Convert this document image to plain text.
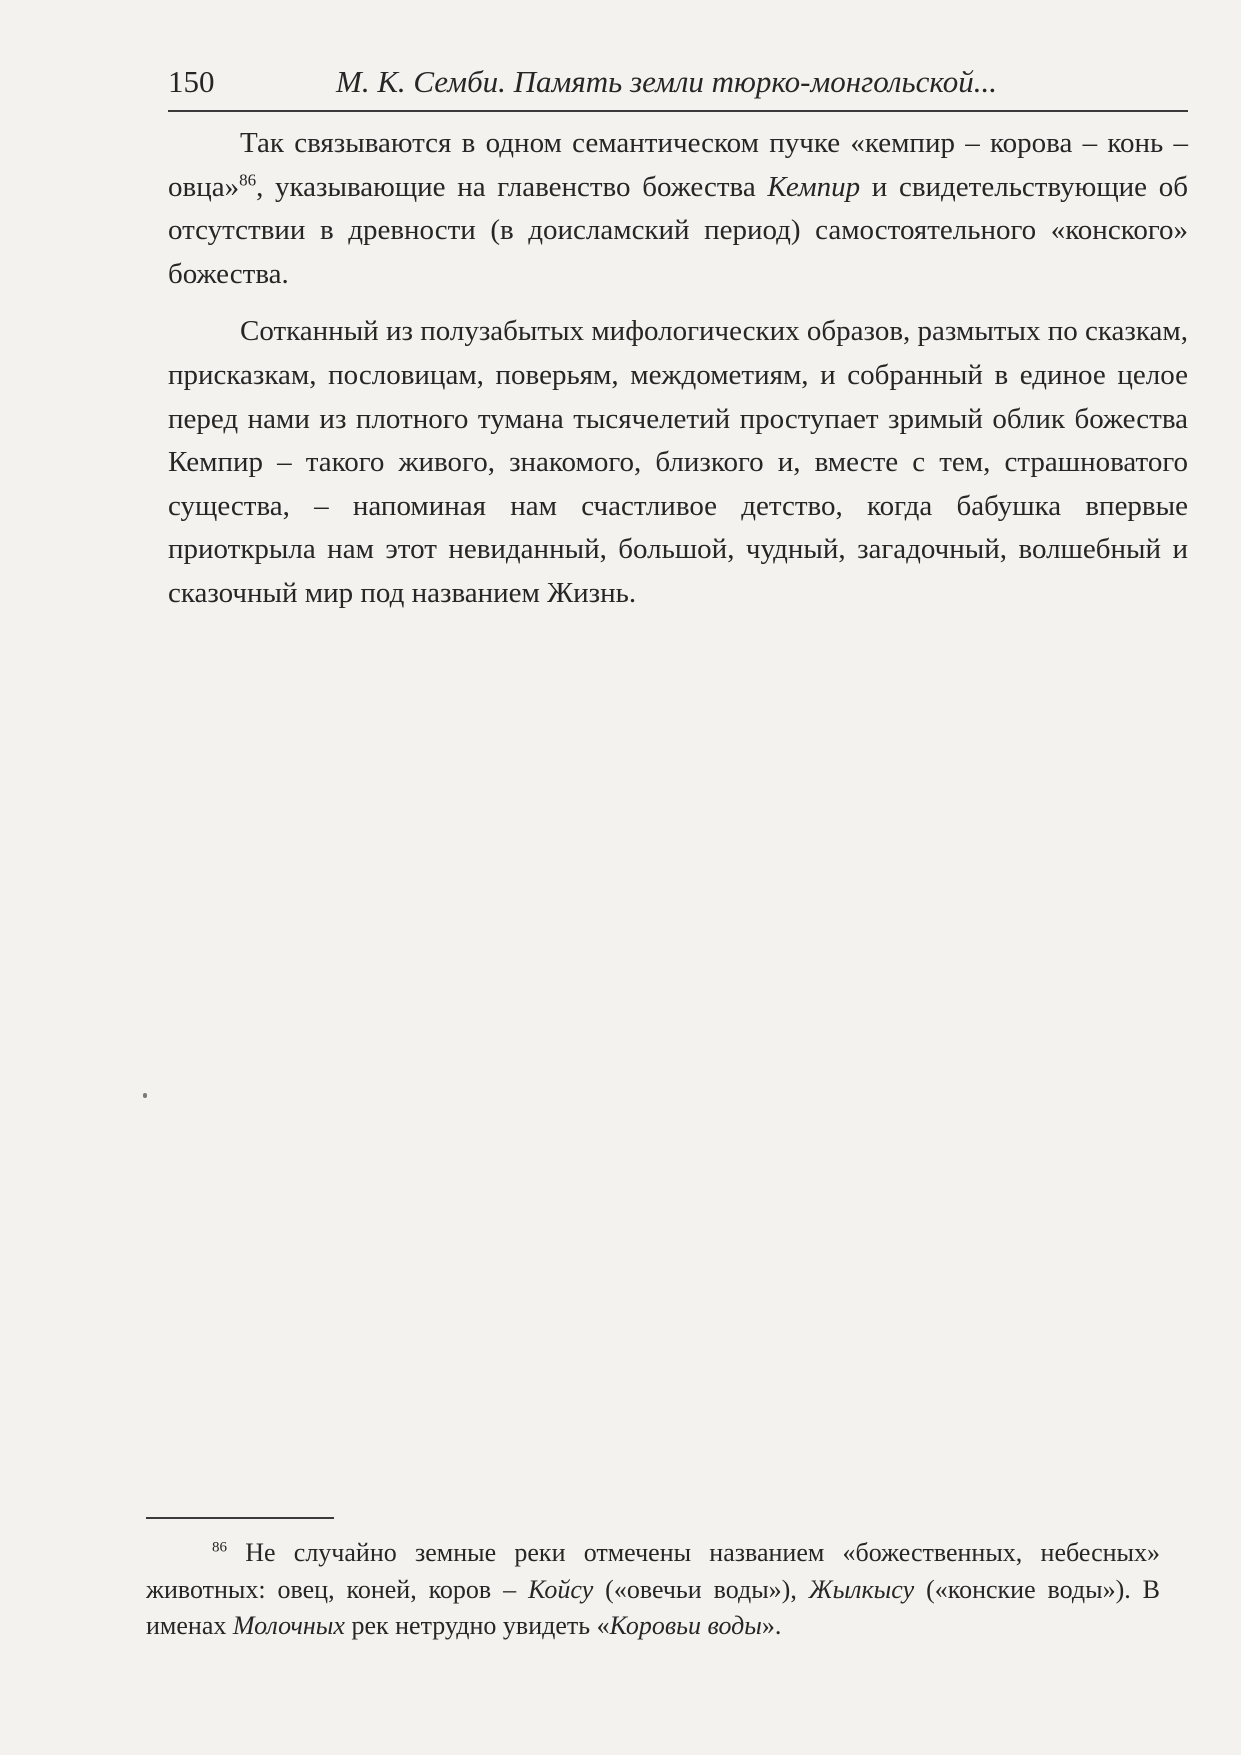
150	М. К. Семби. Память земли тюрко-монгольской...

Так связываются в одном семантическом пучке «кемпир – корова – конь – овца»$^{86}$, указывающие на главенство божества Кемпир и свидетельствующие об отсутствии в древности (в доисламский период) самостоятельного «конского» божества.

Сотканный из полузабытых мифологических образов, размытых по сказкам, присказкам, пословицам, поверьям, междометиям, и собранный в единое целое перед нами из плотного тумана тысячелетий проступает зримый облик божества Кемпир – такого живого, знакомого, близкого и, вместе с тем, страшноватого существа, – напоминая нам счастливое детство, когда бабушка впервые приоткрыла нам этот невиданный, большой, чудный, загадочный, волшебный и сказочный мир под названием Жизнь.

$^{86}$ Не случайно земные реки отмечены названием «божественных, небесных» животных: овец, коней, коров – Койсу («овечьи воды»), Жылкысу («конские воды»). В именах Молочных рек нетрудно увидеть «Коровьи воды».
